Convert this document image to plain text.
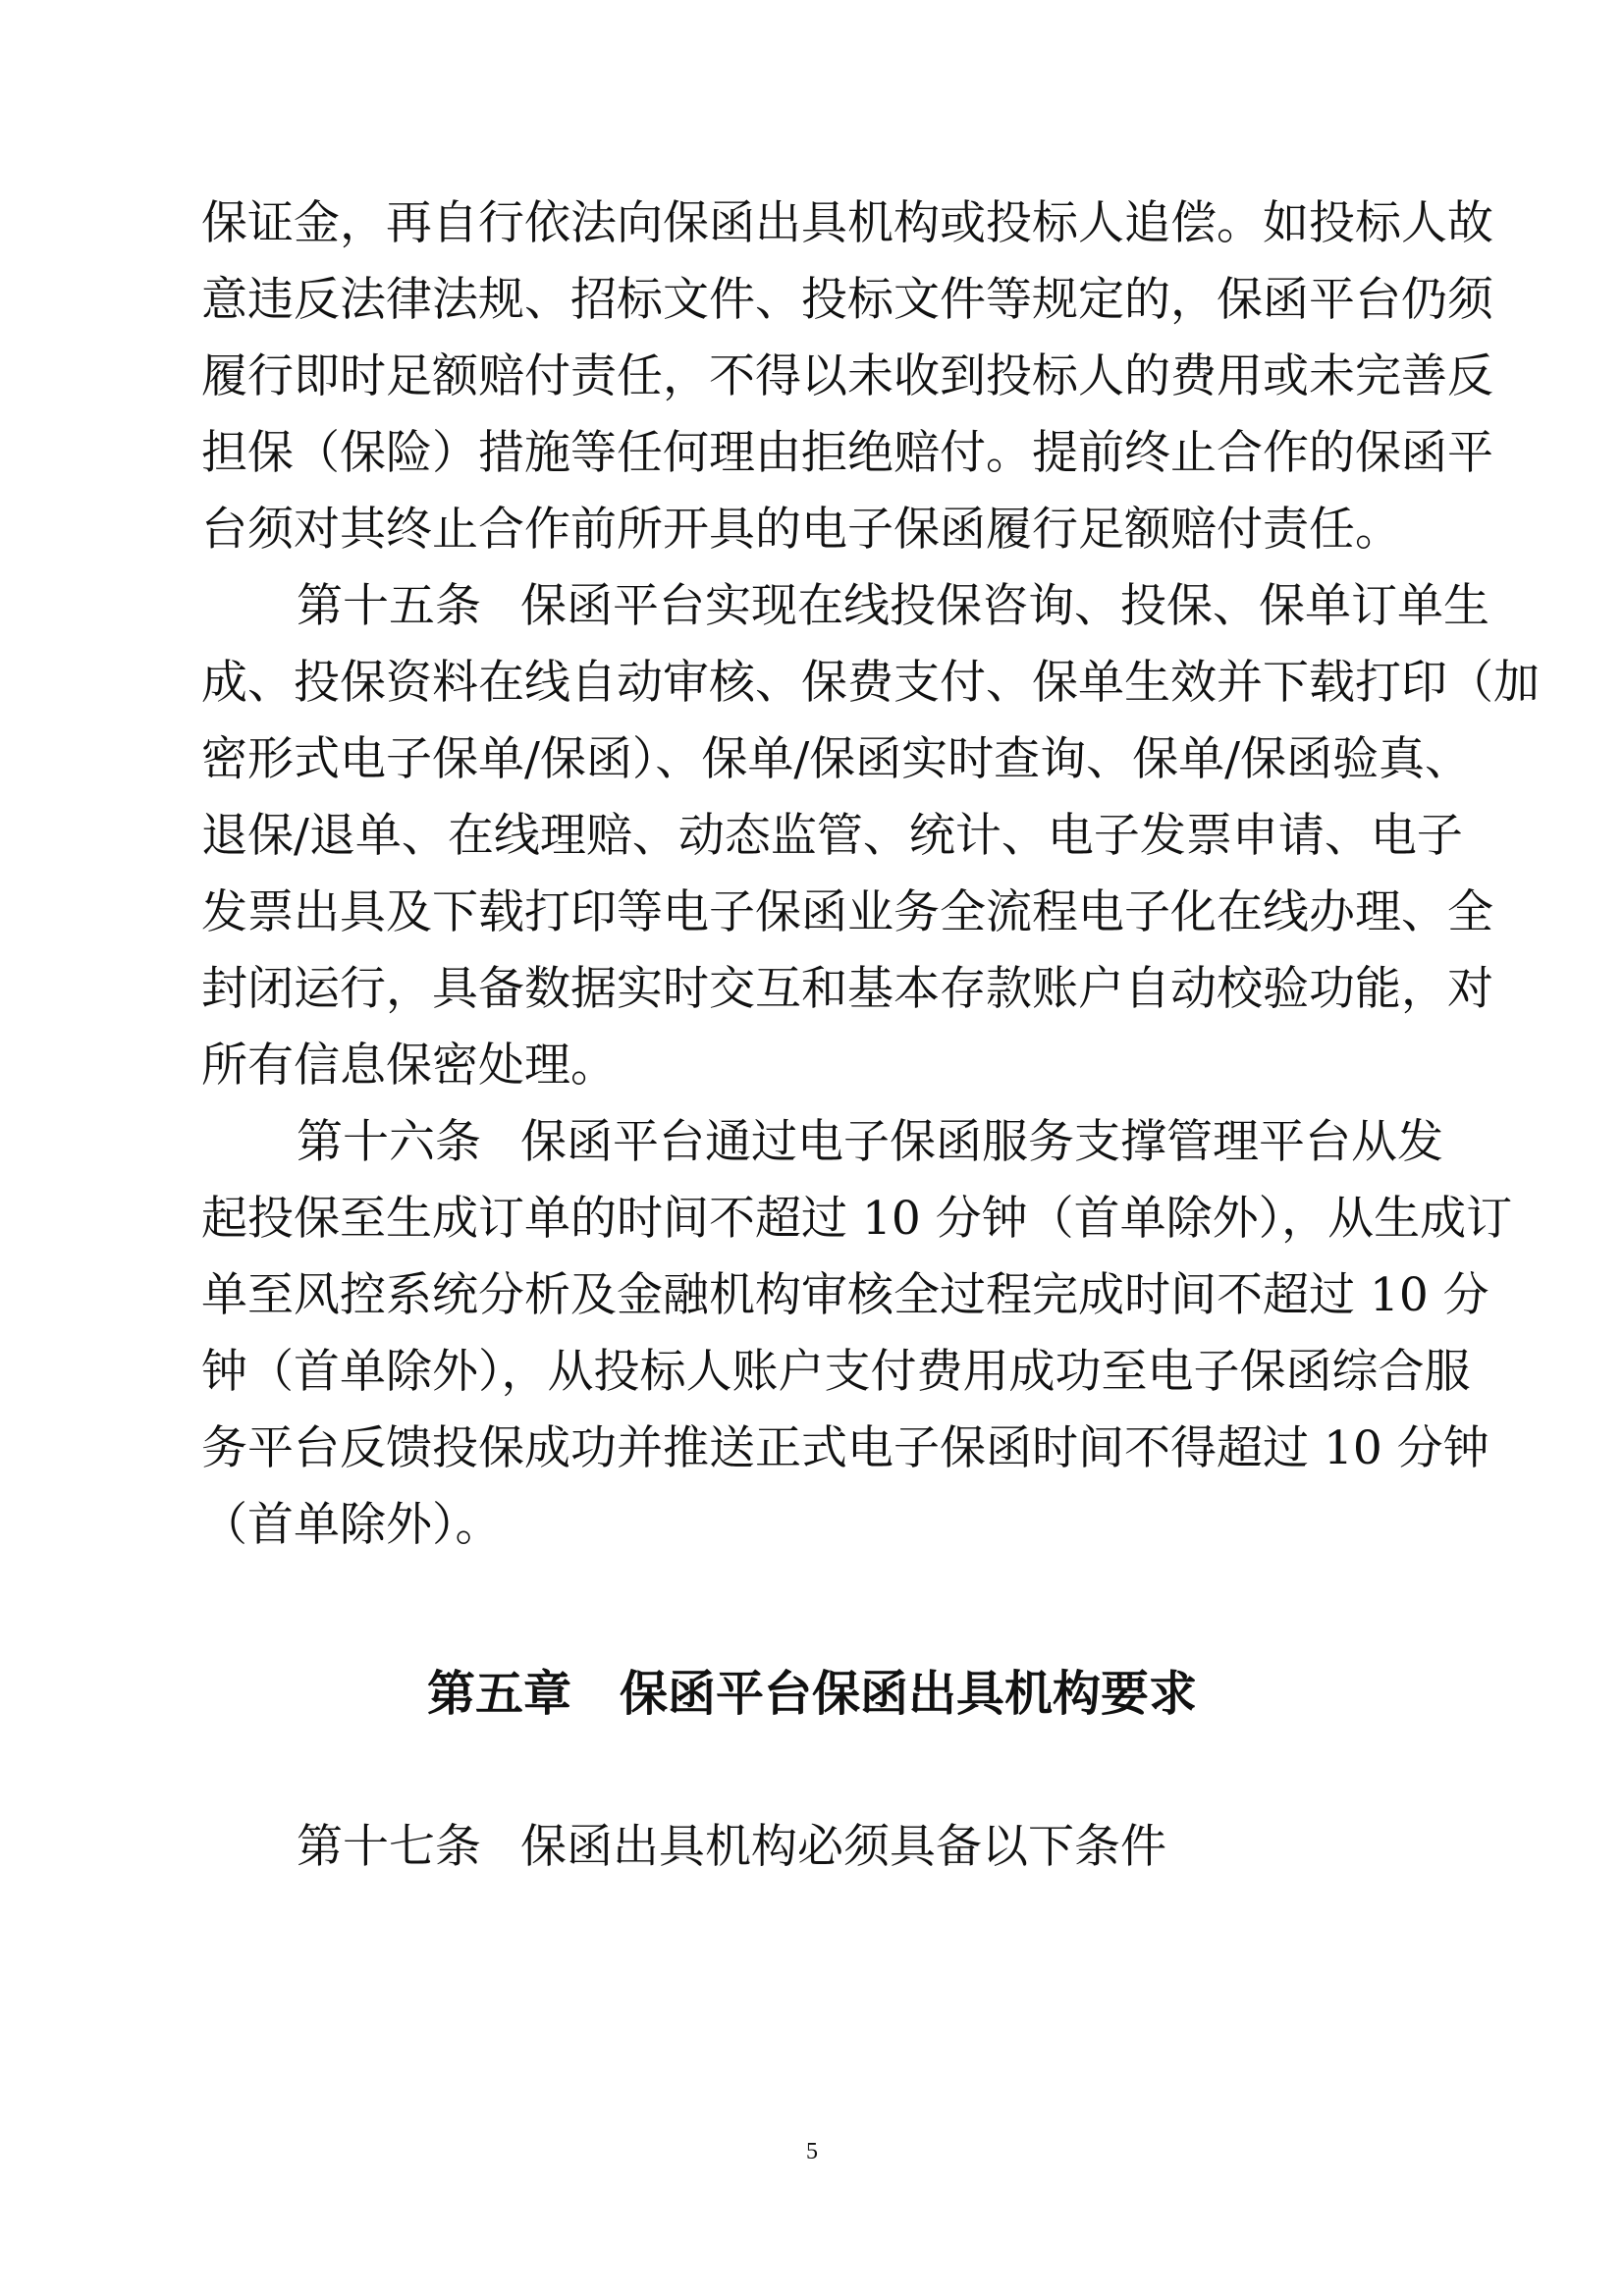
保证金，再自行依法向保函出具机构或投标人追偿。如投标人故
意违反法律法规、招标文件、投标文件等规定的，保函平台仍须
履行即时足额赔付责任，不得以未收到投标人的费用或未完善反
担保（保险）措施等任何理由拒绝赔付。提前终止合作的保函平
台须对其终止合作前所开具的电子保函履行足额赔付责任。
第十五条 保函平台实现在线投保咨询、投保、保单订单生
成、投保资料在线自动审核、保费支付、保单生效并下载打印（加
密形式电子保单/保函）、保单/保函实时查询、保单/保函验真、
退保/退单、在线理赔、动态监管、统计、电子发票申请、电子
发票出具及下载打印等电子保函业务全流程电子化在线办理、全
封闭运行，具备数据实时交互和基本存款账户自动校验功能，对
所有信息保密处理。
第十六条 保函平台通过电子保函服务支撑管理平台从发
起投保至生成订单的时间不超过 10 分钟（首单除外），从生成订
单至风控系统分析及金融机构审核全过程完成时间不超过 10 分
钟（首单除外），从投标人账户支付费用成功至电子保函综合服
务平台反馈投保成功并推送正式电子保函时间不得超过 10 分钟
（首单除外）。
第五章　保函平台保函出具机构要求
第十七条 保函出具机构必须具备以下条件
5
